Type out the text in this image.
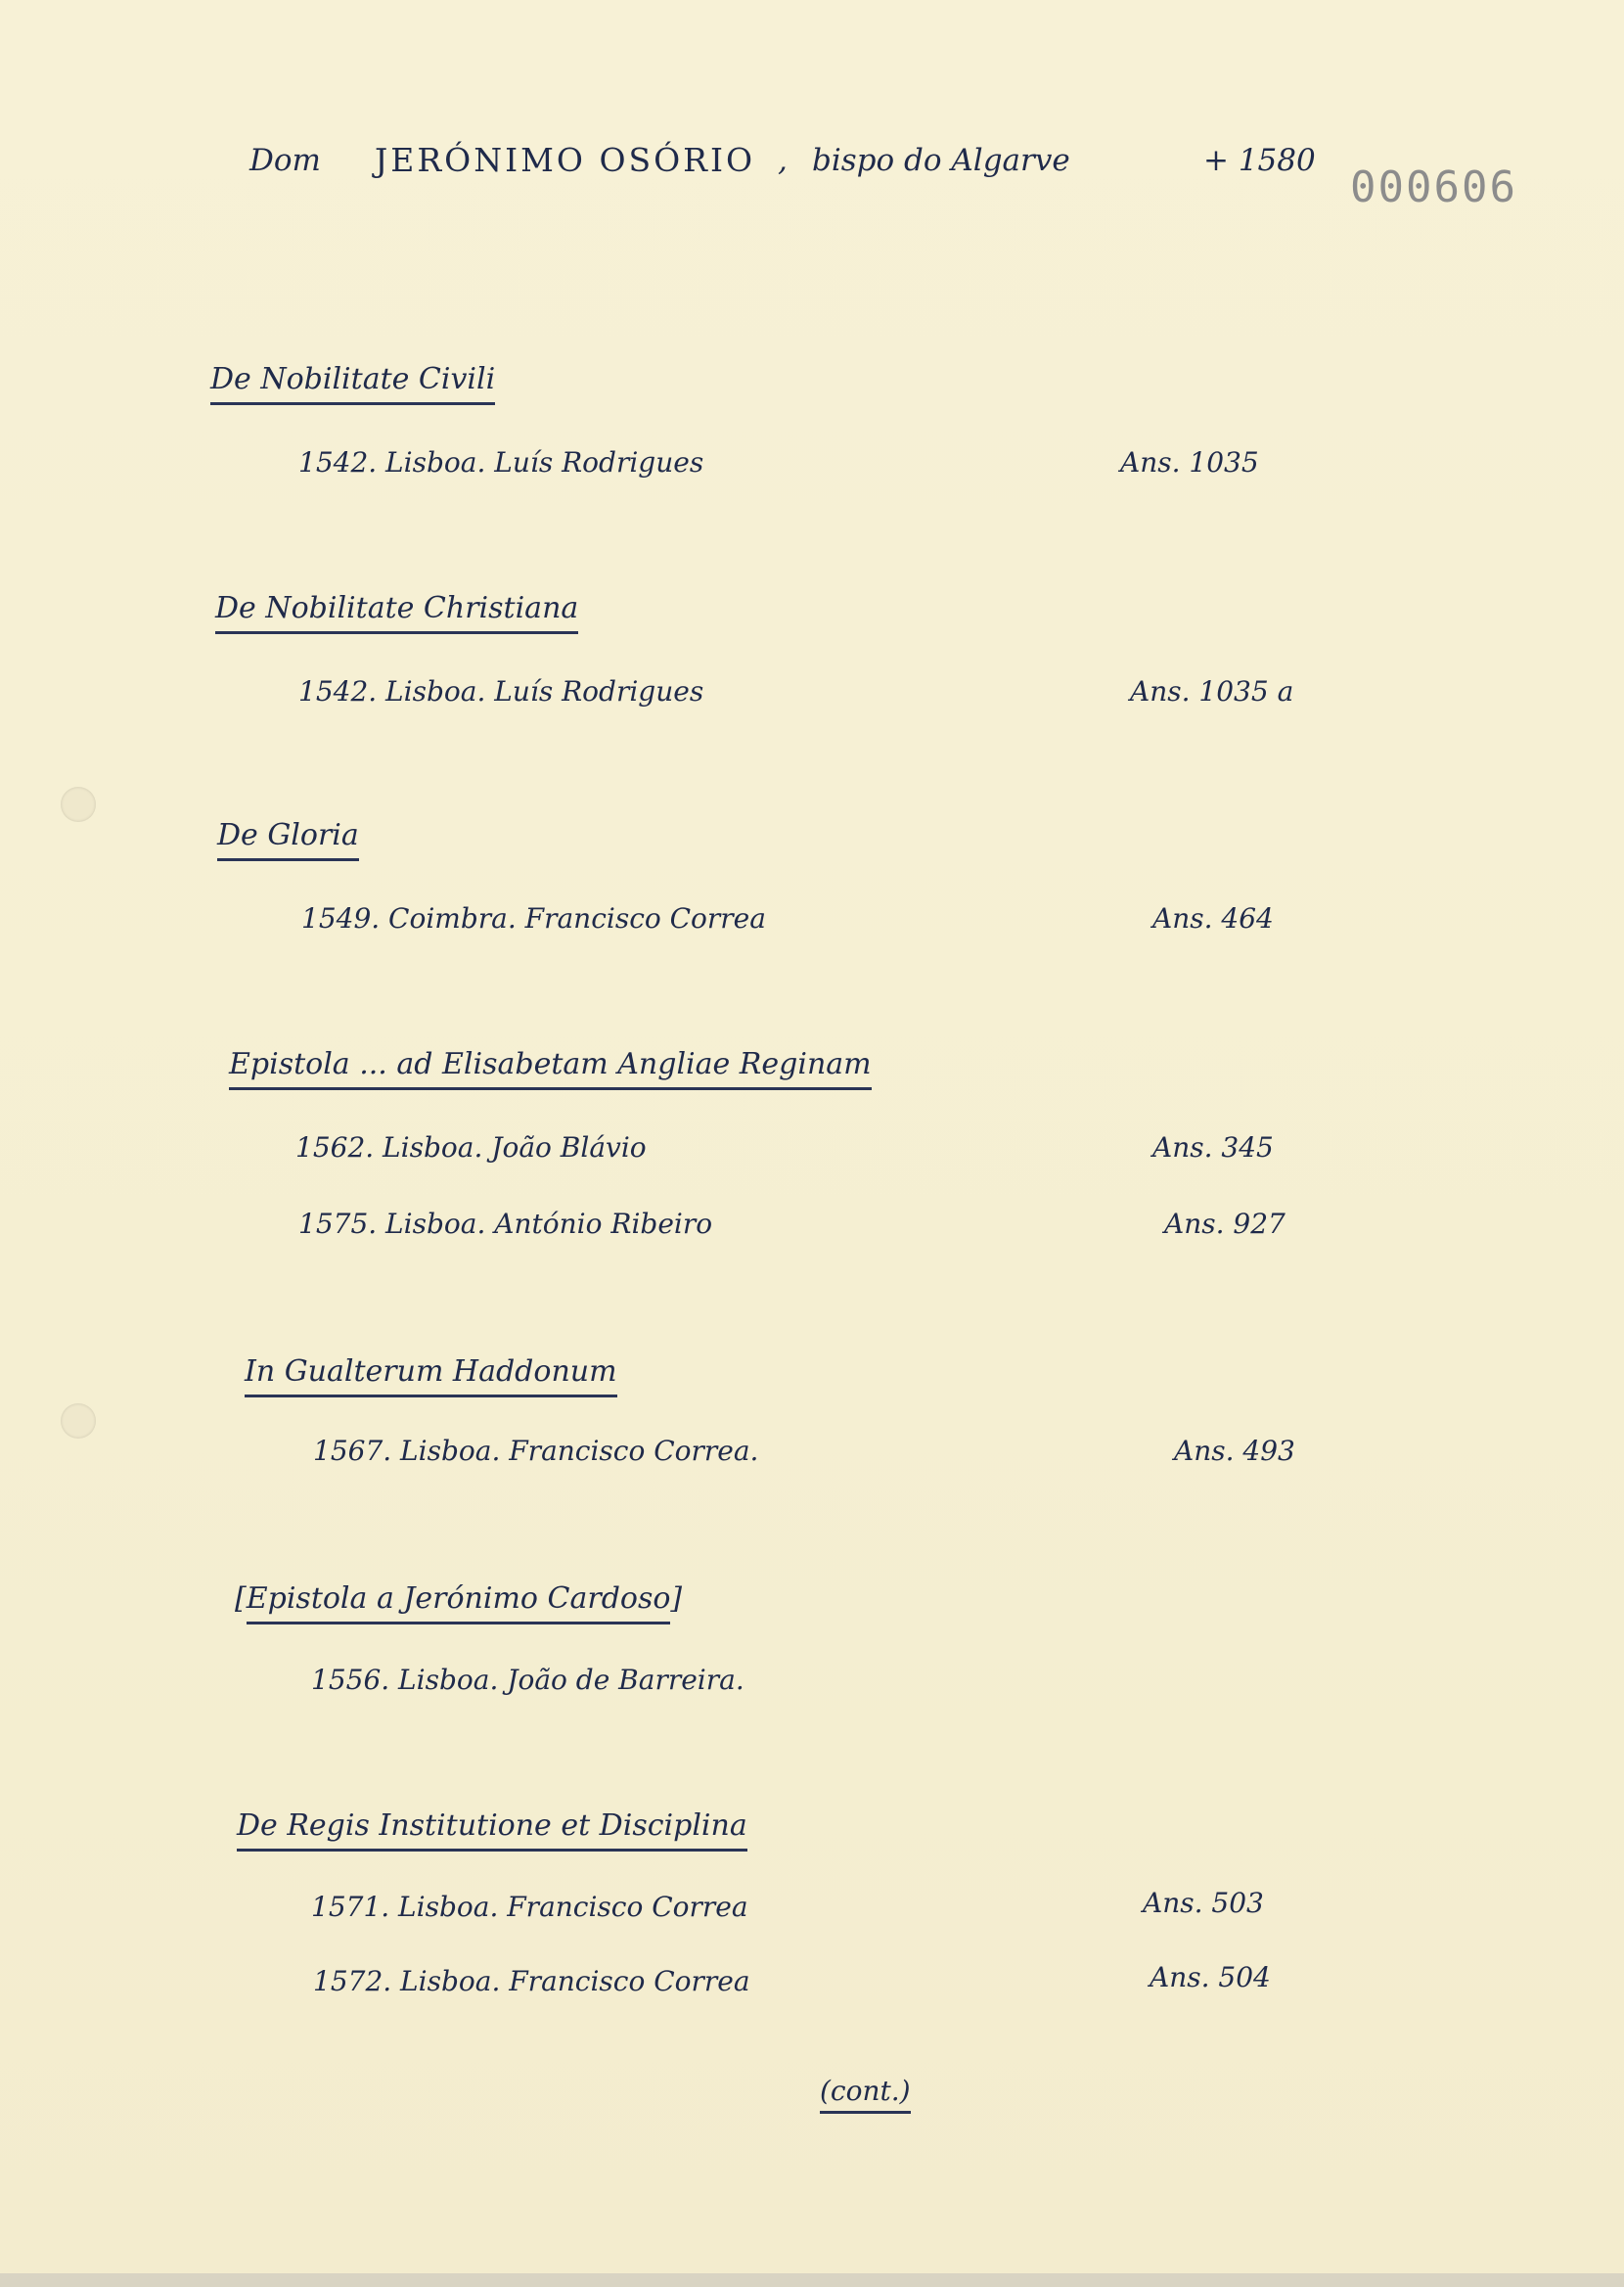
Dom JERÓNIMO OSÓRIO , bispo do Algarve	+ 1580
000606
De Nobilitate Civili
1542. Lisboa. Luís Rodrigues	Ans. 1035
De Nobilitate Christiana
1542. Lisboa. Luís Rodrigues	Ans. 1035 a
De Gloria
1549. Coimbra. Francisco Correa	Ans. 464
Epistola ... ad Elisabetam Angliae Reginam
1562. Lisboa. João Blávio	Ans. 345
1575. Lisboa. António Ribeiro	Ans. 927
In Gualterum Haddonum
1567. Lisboa. Francisco Correa.	Ans. 493
[Epistola a Jerónimo Cardoso]
1556. Lisboa. João de Barreira.
De Regis Institutione et Disciplina
1571. Lisboa. Francisco Correa	Ans. 503
1572. Lisboa. Francisco Correa	Ans. 504
(cont.)
